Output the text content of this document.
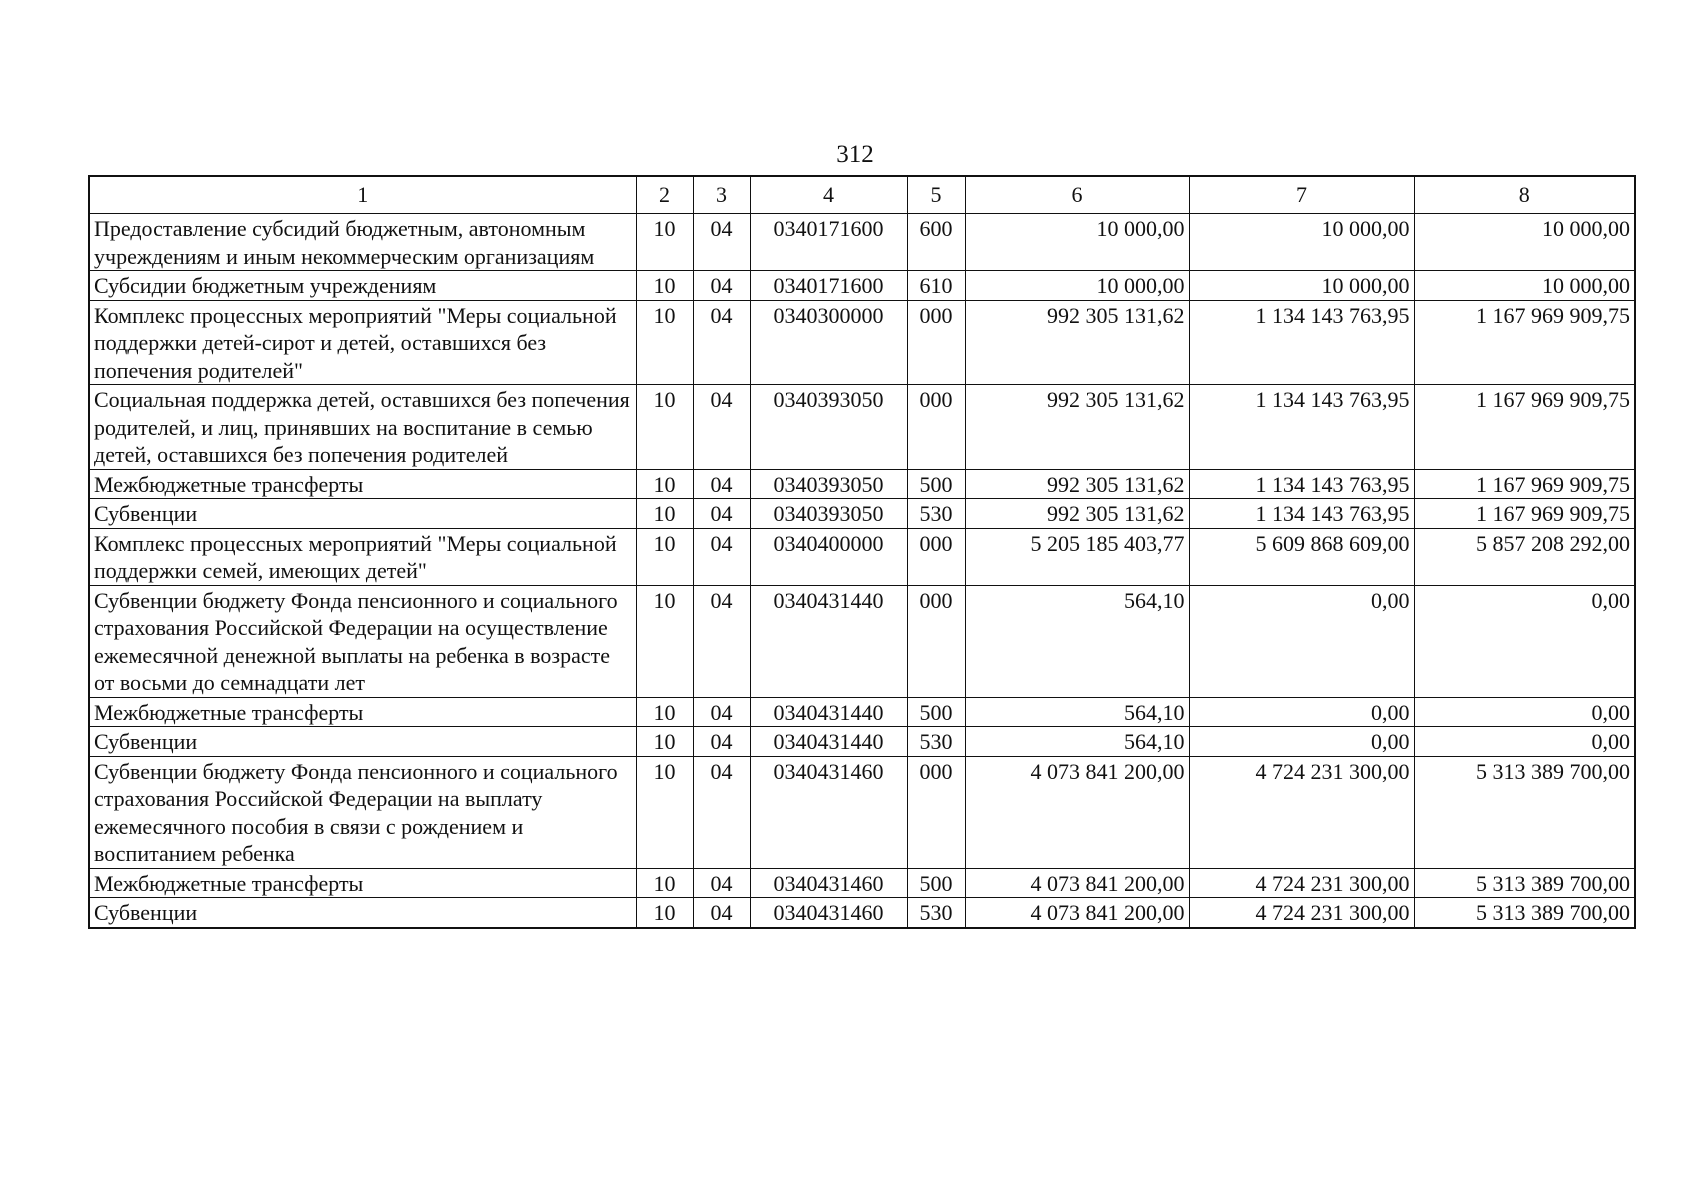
312
1	2	3	4	5	6	7	8
Предоставление субсидий бюджетным, автономным учреждениям и иным некоммерческим организациям	10	04	0340171600	600	10 000,00	10 000,00	10 000,00
Субсидии бюджетным учреждениям	10	04	0340171600	610	10 000,00	10 000,00	10 000,00
Комплекс процессных мероприятий "Меры социальной поддержки детей-сирот и детей, оставшихся без попечения родителей"	10	04	0340300000	000	992 305 131,62	1 134 143 763,95	1 167 969 909,75
Социальная поддержка детей, оставшихся без попечения родителей, и лиц, принявших на воспитание в семью детей, оставшихся без попечения родителей	10	04	0340393050	000	992 305 131,62	1 134 143 763,95	1 167 969 909,75
Межбюджетные трансферты	10	04	0340393050	500	992 305 131,62	1 134 143 763,95	1 167 969 909,75
Субвенции	10	04	0340393050	530	992 305 131,62	1 134 143 763,95	1 167 969 909,75
Комплекс процессных мероприятий "Меры социальной поддержки семей, имеющих детей"	10	04	0340400000	000	5 205 185 403,77	5 609 868 609,00	5 857 208 292,00
Субвенции бюджету Фонда пенсионного и социального страхования Российской Федерации на осуществление ежемесячной денежной выплаты на ребенка в возрасте от восьми до семнадцати лет	10	04	0340431440	000	564,10	0,00	0,00
Межбюджетные трансферты	10	04	0340431440	500	564,10	0,00	0,00
Субвенции	10	04	0340431440	530	564,10	0,00	0,00
Субвенции бюджету Фонда пенсионного и социального страхования Российской Федерации на выплату ежемесячного пособия в связи с рождением и воспитанием ребенка	10	04	0340431460	000	4 073 841 200,00	4 724 231 300,00	5 313 389 700,00
Межбюджетные трансферты	10	04	0340431460	500	4 073 841 200,00	4 724 231 300,00	5 313 389 700,00
Субвенции	10	04	0340431460	530	4 073 841 200,00	4 724 231 300,00	5 313 389 700,00
